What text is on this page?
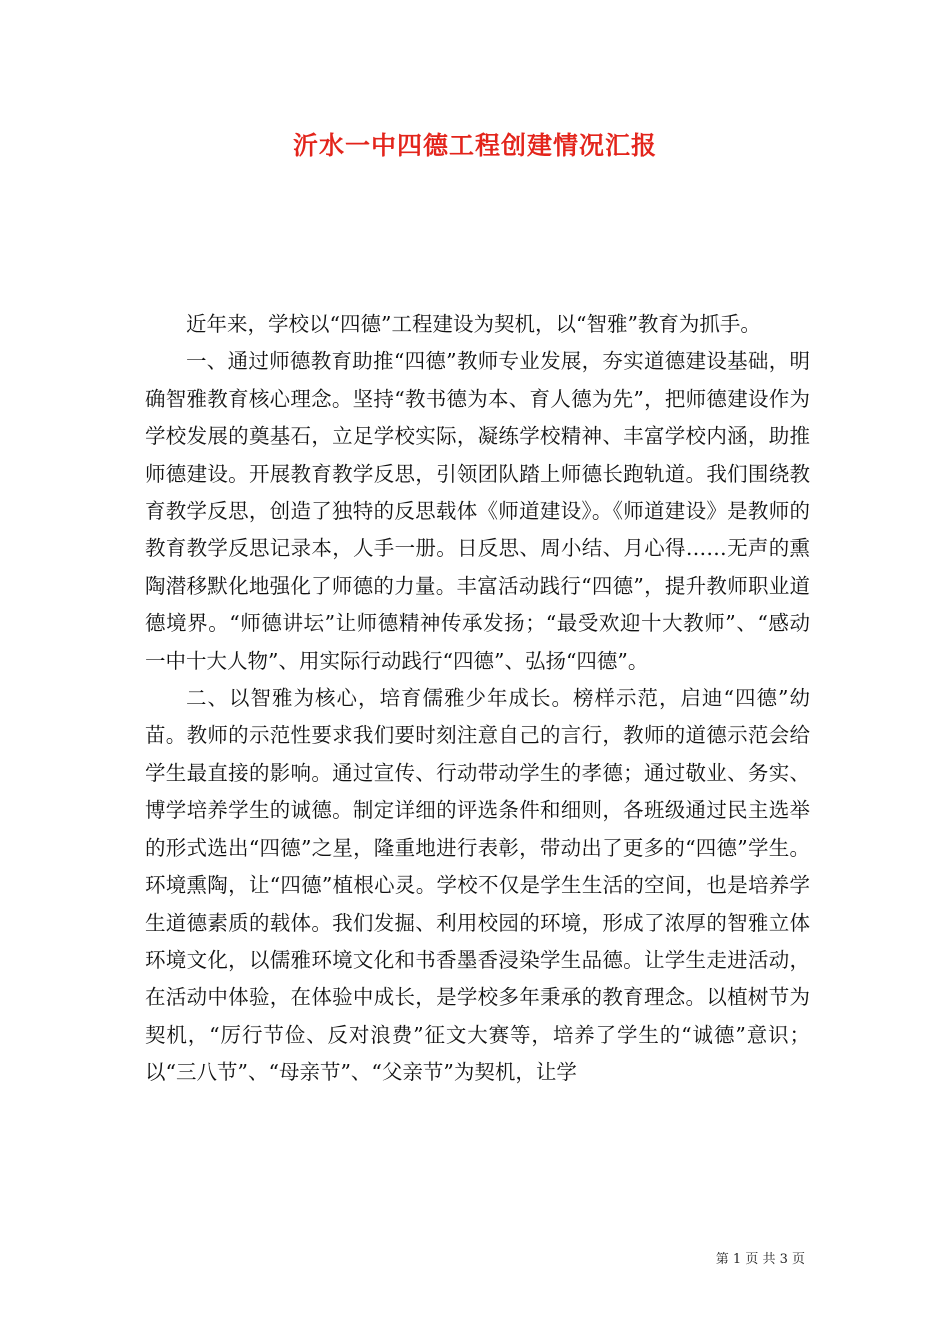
沂水一中四德工程创建情况汇报

近年来，学校以“四德”工程建设为契机，以“智雅”教育为抓手。

一、通过师德教育助推“四德”教师专业发展，夯实道德建设基础，明确智雅教育核心理念。坚持“教书德为本、育人德为先”，把师德建设作为学校发展的奠基石，立足学校实际，凝练学校精神、丰富学校内涵，助推师德建设。开展教育教学反思，引领团队踏上师德长跑轨道。我们围绕教育教学反思，创造了独特的反思载体《师道建设》。《师道建设》是教师的教育教学反思记录本，人手一册。日反思、周小结、月心得……无声的熏陶潜移默化地强化了师德的力量。丰富活动践行“四德”，提升教师职业道德境界。“师德讲坛”让师德精神传承发扬；“最受欢迎十大教师”、“感动一中十大人物”、用实际行动践行“四德”、弘扬“四德”。

二、以智雅为核心，培育儒雅少年成长。榜样示范，启迪“四德”幼苗。教师的示范性要求我们要时刻注意自己的言行，教师的道德示范会给学生最直接的影响。通过宣传、行动带动学生的孝德；通过敬业、务实、博学培养学生的诚德。制定详细的评选条件和细则，各班级通过民主选举的形式选出“四德”之星，隆重地进行表彰，带动出了更多的“四德”学生。环境熏陶，让“四德”植根心灵。学校不仅是学生生活的空间，也是培养学生道德素质的载体。我们发掘、利用校园的环境，形成了浓厚的智雅立体环境文化，以儒雅环境文化和书香墨香浸染学生品德。让学生走进活动，在活动中体验，在体验中成长，是学校多年秉承的教育理念。以植树节为契机，“厉行节俭、反对浪费”征文大赛等，培养了学生的“诚德”意识；以“三八节”、“母亲节”、“父亲节”为契机，让学

第 1 页 共 3 页
